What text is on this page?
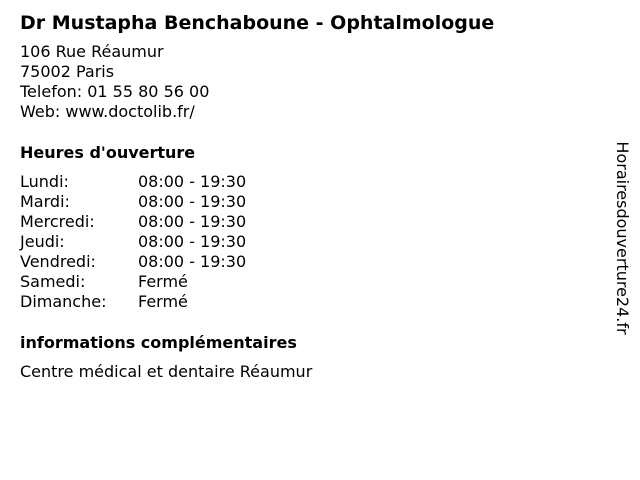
Dr Mustapha Benchaboune - Ophtalmologue
106 Rue Réaumur
75002 Paris
Telefon: 01 55 80 56 00
Web: www.doctolib.fr/
Heures d'ouverture
Lundi:	08:00 - 19:30
Mardi:	08:00 - 19:30
Mercredi:	08:00 - 19:30
Jeudi:	08:00 - 19:30
Vendredi:	08:00 - 19:30
Samedi:	Fermé
Dimanche:	Fermé
informations complémentaires
Centre médical et dentaire Réaumur
Horairesdouverture24.fr
